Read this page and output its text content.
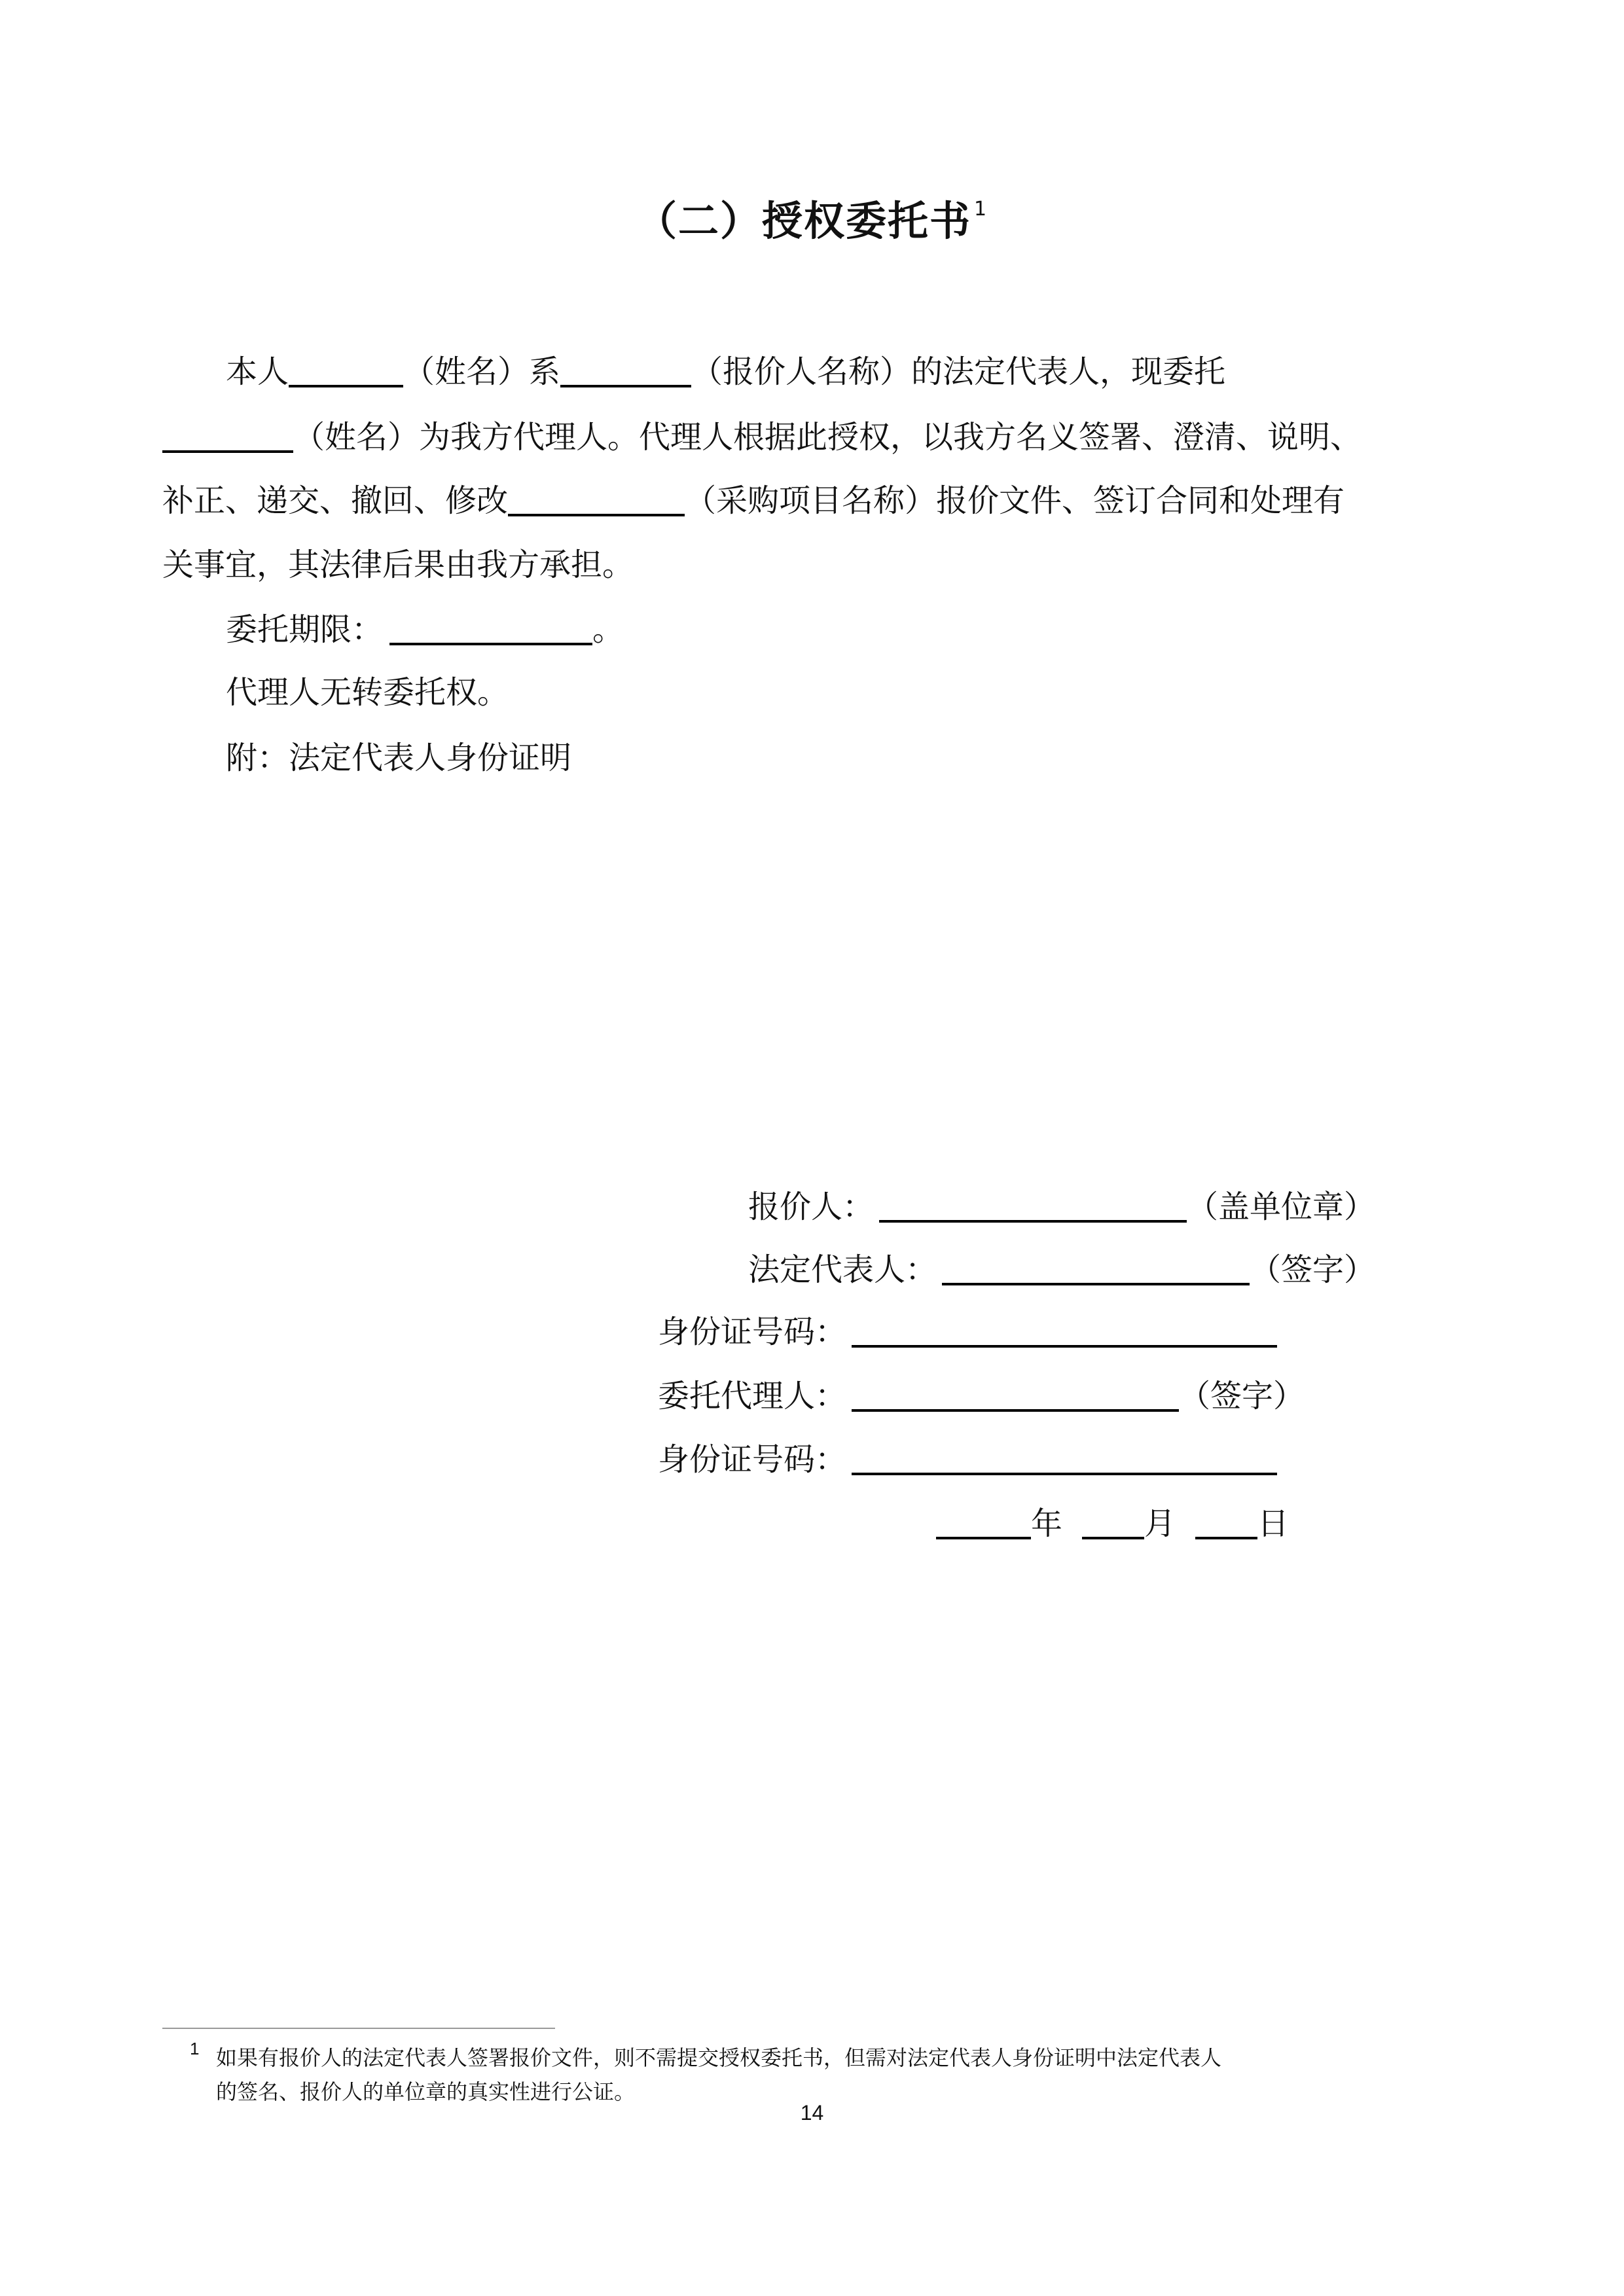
（二）授权委托书 $^1$
本人	（姓名）系	（报价人名称）的法定代表人，现委托
（姓名）为我方代理人。代理人根据此授权，以我方名义签署、澄清、说明、
补正、递交、撤回、修改	（采购项目名称）报价文件、签订合同和处理有
关事宜，其法律后果由我方承担。
委托期限：	。
代理人无转委托权。
附：法定代表人身份证明
报价人：	（盖单位章）
法定代表人：	（签字）
身份证号码：
委托代理人：	（签字）
身份证号码：
年	月	日
1 如果有报价人的法定代表人签署报价文件，则不需提交授权委托书，但需对法定代表人身份证明中法定代表人
的签名、报价人的单位章的真实性进行公证。
14
